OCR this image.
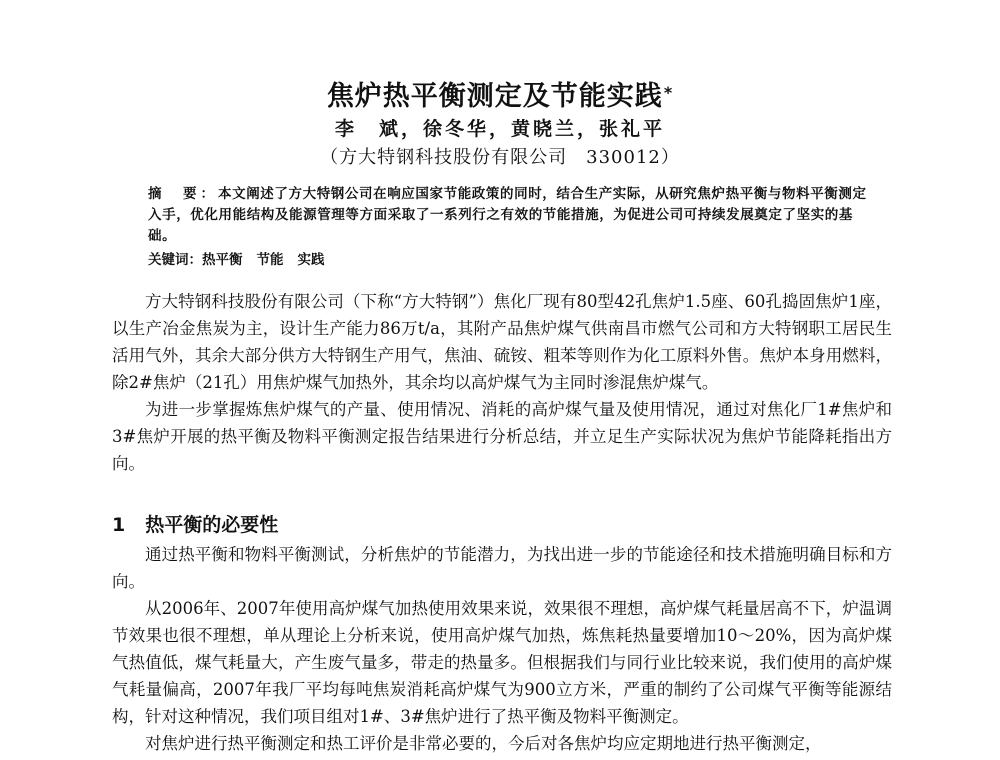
焦炉热平衡测定及节能实践*
李　斌，徐冬华，黄晓兰，张礼平
（方大特钢科技股份有限公司　330012）
摘　要：本文阐述了方大特钢公司在响应国家节能政策的同时，结合生产实际，从研究焦炉热平衡与物料平衡测定入手，优化用能结构及能源管理等方面采取了一系列行之有效的节能措施，为促进公司可持续发展奠定了坚实的基础。
关键词：热平衡 节能 实践

方大特钢科技股份有限公司（下称“方大特钢”）焦化厂现有80型42孔焦炉1.5座、60孔捣固焦炉1座，以生产冶金焦炭为主，设计生产能力86万t/a，其附产品焦炉煤气供南昌市燃气公司和方大特钢职工居民生活用气外，其余大部分供方大特钢生产用气，焦油、硫铵、粗苯等则作为化工原料外售。焦炉本身用燃料，除2#焦炉（21孔）用焦炉煤气加热外，其余均以高炉煤气为主同时渗混焦炉煤气。

为进一步掌握炼焦炉煤气的产量、使用情况、消耗的高炉煤气量及使用情况，通过对焦化厂1#焦炉和3#焦炉开展的热平衡及物料平衡测定报告结果进行分析总结，并立足生产实际状况为焦炉节能降耗指出方向。

1 热平衡的必要性

通过热平衡和物料平衡测试，分析焦炉的节能潜力，为找出进一步的节能途径和技术措施明确目标和方向。

从2006年、2007年使用高炉煤气加热使用效果来说，效果很不理想，高炉煤气耗量居高不下，炉温调节效果也很不理想，单从理论上分析来说，使用高炉煤气加热，炼焦耗热量要增加10～20%，因为高炉煤气热值低，煤气耗量大，产生废气量多，带走的热量多。但根据我们与同行业比较来说，我们使用的高炉煤气耗量偏高，2007年我厂平均每吨焦炭消耗高炉煤气为900立方米，严重的制约了公司煤气平衡等能源结构，针对这种情况，我们项目组对1#、3#焦炉进行了热平衡及物料平衡测定。

对焦炉进行热平衡测定和热工评价是非常必要的，今后对各焦炉均应定期地进行热平衡测定，
